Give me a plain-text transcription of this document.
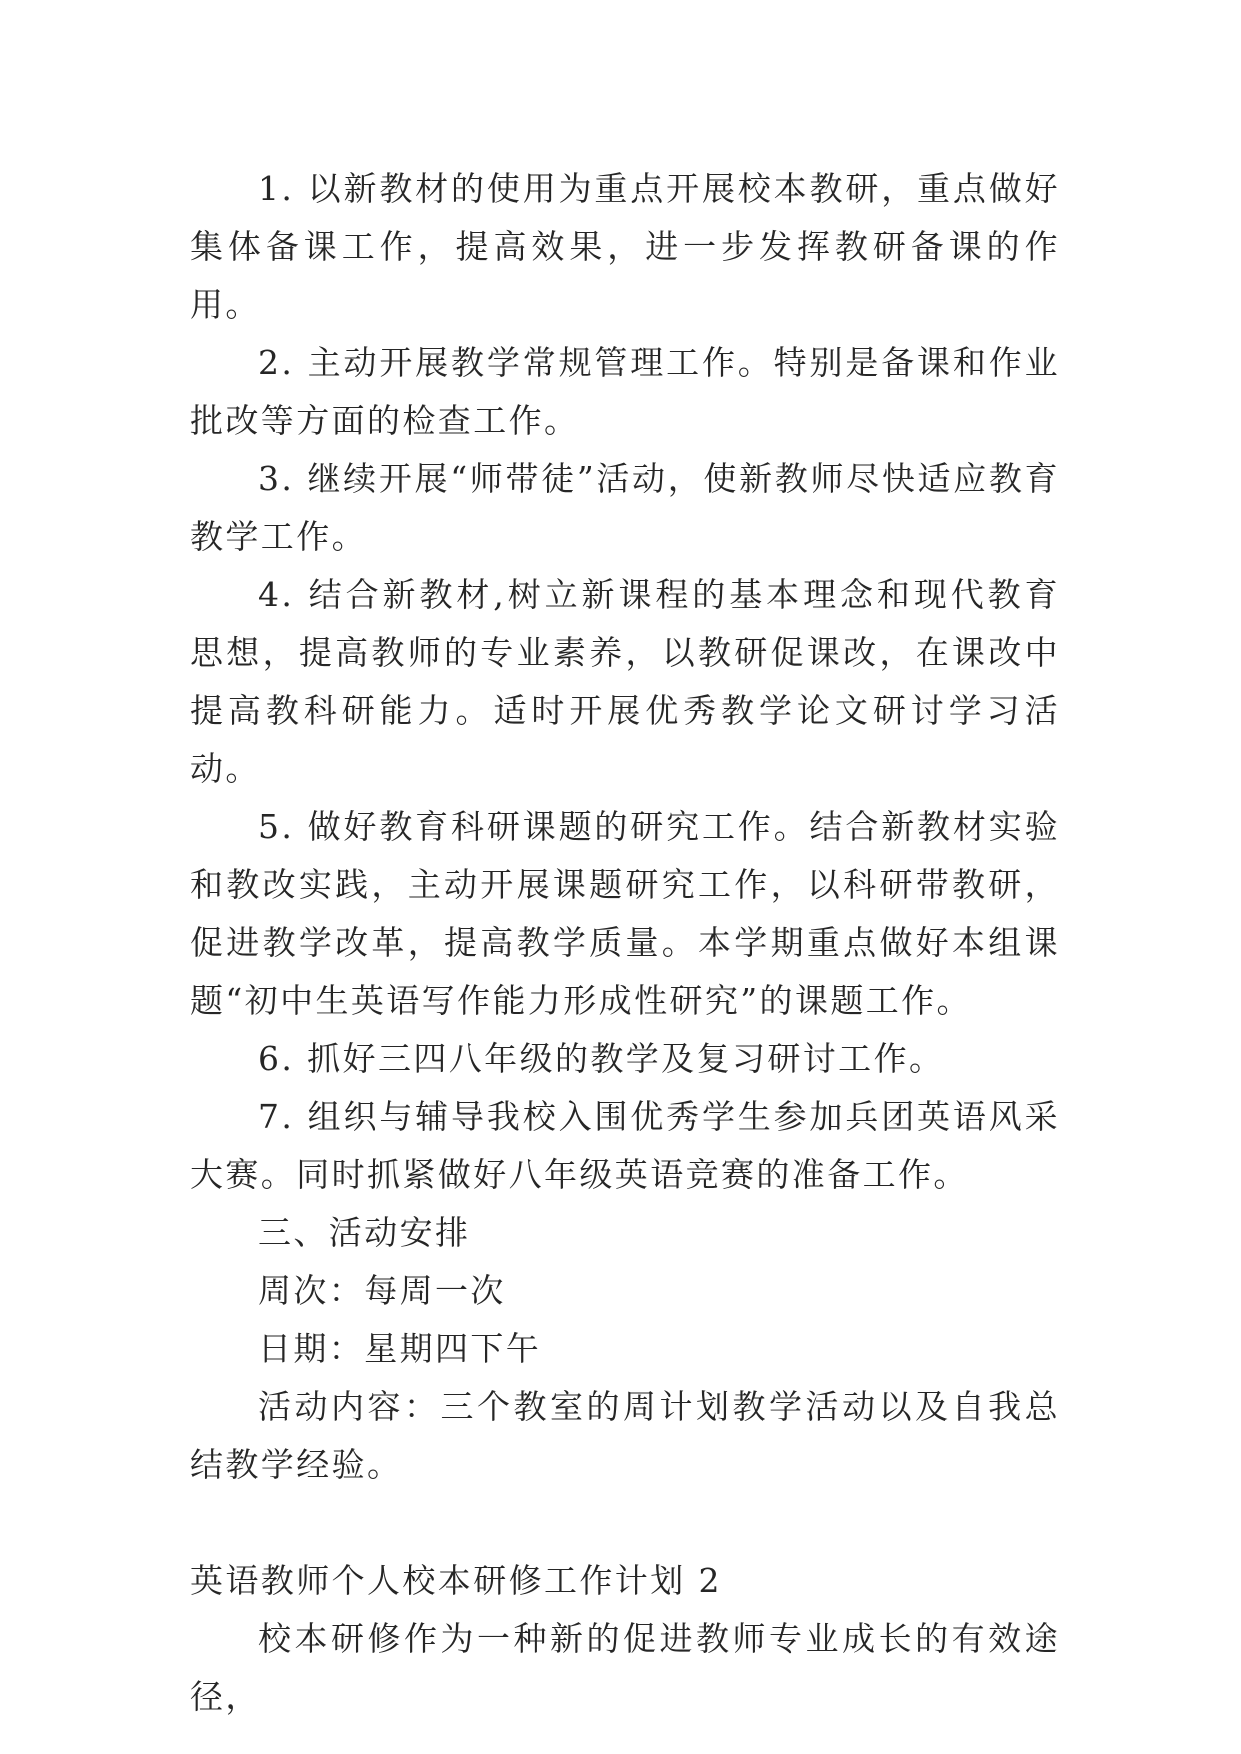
1. 以新教材的使用为重点开展校本教研，重点做好集体备课工作，提高效果，进一步发挥教研备课的作用。

2. 主动开展教学常规管理工作。特别是备课和作业批改等方面的检查工作。

3. 继续开展“师带徒”活动，使新教师尽快适应教育教学工作。

4. 结合新教材,树立新课程的基本理念和现代教育思想，提高教师的专业素养，以教研促课改，在课改中提高教科研能力。适时开展优秀教学论文研讨学习活动。

5. 做好教育科研课题的研究工作。结合新教材实验和教改实践，主动开展课题研究工作，以科研带教研，促进教学改革，提高教学质量。本学期重点做好本组课题“初中生英语写作能力形成性研究”的课题工作。

6. 抓好三四八年级的教学及复习研讨工作。

7. 组织与辅导我校入围优秀学生参加兵团英语风采大赛。同时抓紧做好八年级英语竞赛的准备工作。

三、活动安排

周次：每周一次

日期：星期四下午

活动内容：三个教室的周计划教学活动以及自我总结教学经验。

英语教师个人校本研修工作计划 2

校本研修作为一种新的促进教师专业成长的有效途径，
